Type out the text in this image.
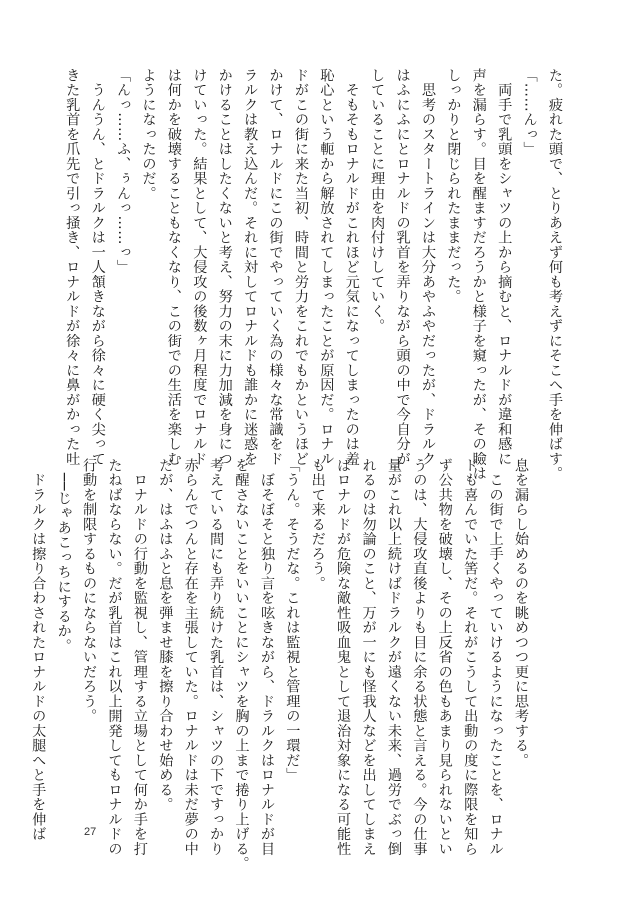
た。疲れた頭で、とりあえず何も考えずにそこへ手を伸ばす。
「……んっ」
　両手で乳頭をシャツの上から摘むと、ロナルドが違和感に
声を漏らす。目を醒ますだろうかと様子を窺ったが、その瞼は
しっかりと閉じられたままだった。
　思考のスタートラインは大分あやふやだったが、ドラルク
はふにふにとロナルドの乳首を弄りながら頭の中で今自分が
していることに理由を肉付けしていく。
　そもそもロナルドがこれほど元気になってしまったのは羞
恥心という軛から解放されてしまったことが原因だ。ロナル
ドがこの街に来た当初、時間と労力をこれでもかというほど
かけて、ロナルドにこの街でやっていく為の様々な常識をド
ラルクは教え込んだ。それに対してロナルドも誰かに迷惑を
かけることはしたくないと考え、努力の末に力加減を身につ
けていった。結果として、大侵攻の後数ヶ月程度でロナルド
は何かを破壊することもなくなり、この街での生活を楽しむ
ようになったのだ。
「んっ……ふ、ぅんっ……っ」
　うんうん、とドラルクは一人頷きながら徐々に硬く尖って
きた乳首を爪先で引っ掻き、ロナルドが徐々に鼻がかった吐
息を漏らし始めるのを眺めつつ更に思考する。
　この街で上手くやっていけるようになったことを、ロナル
ドも喜んでいた筈だ。それがこうして出動の度に際限を知ら
ず公共物を破壊し、その上反省の色もあまり見られないとい
うのは、大侵攻直後よりも目に余る状態と言える。今の仕事
量がこれ以上続けばドラルクが遠くない未来、過労でぶっ倒
れるのは勿論のこと、万が一にも怪我人などを出してしまえ
ばロナルドが危険な敵性吸血鬼として退治対象になる可能性
も出て来るだろう。
「うん。そうだな。これは監視と管理の一環だ」
　ぼそぼそと独り言を呟きながら、ドラルクはロナルドが目
を醒さないことをいいことにシャツを胸の上まで捲り上げる。
考えている間にも弄り続けた乳首は、シャツの下ですっかり
赤らんでつんと存在を主張していた。ロナルドは未だ夢の中
だが、はふはふと息を弾ませ膝を擦り合わせ始める。
　ロナルドの行動を監視し、管理する立場として何か手を打
たねばならない。だが乳首はこれ以上開発してもロナルドの
行動を制限するものにならないだろう。
　──じゃあこっちにするか。
　ドラルクは擦り合わされたロナルドの太腿へと手を伸ば	27
